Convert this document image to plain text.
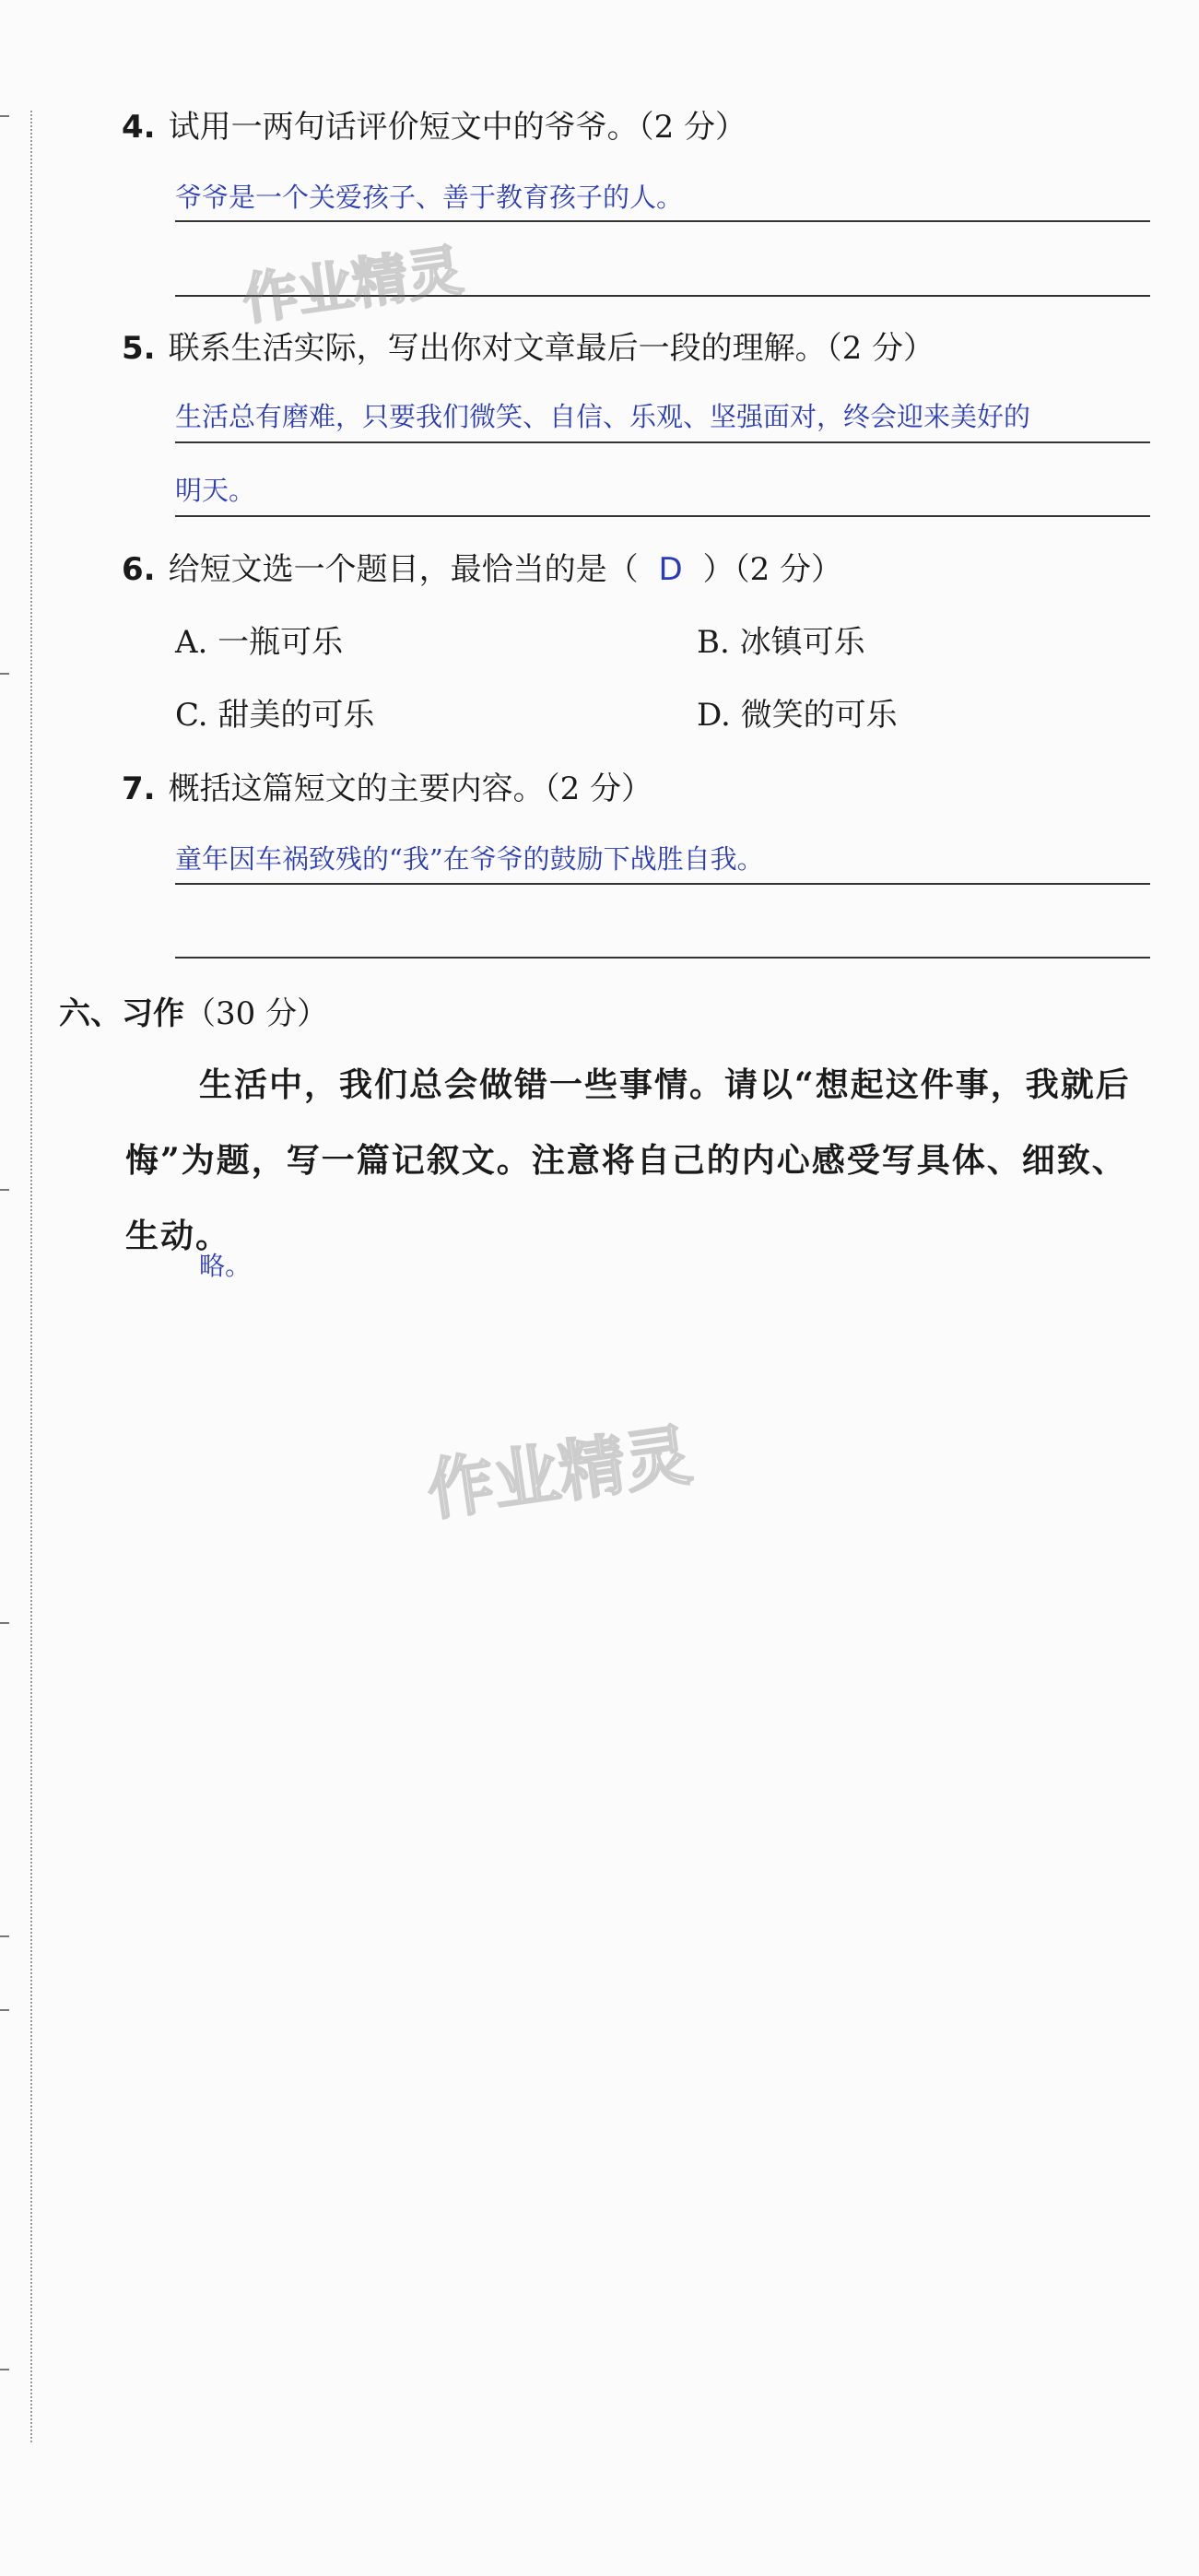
4. 试用一两句话评价短文中的爷爷。（2 分）
爷爷是一个关爱孩子、善于教育孩子的人。
5. 联系生活实际，写出你对文章最后一段的理解。（2 分）
生活总有磨难，只要我们微笑、自信、乐观、坚强面对，终会迎来美好的
明天。
6. 给短文选一个题目，最恰当的是（ D ）（2 分）
A. 一瓶可乐	B. 冰镇可乐
C. 甜美的可乐	D. 微笑的可乐
7. 概括这篇短文的主要内容。（2 分）
童年因车祸致残的“我”在爷爷的鼓励下战胜自我。
六、习作（30 分）
生活中，我们总会做错一些事情。请以“想起这件事，我就后悔”为题，写一篇记叙文。注意将自己的内心感受写具体、细致、生动。
略。
作业精灵
作业精灵
